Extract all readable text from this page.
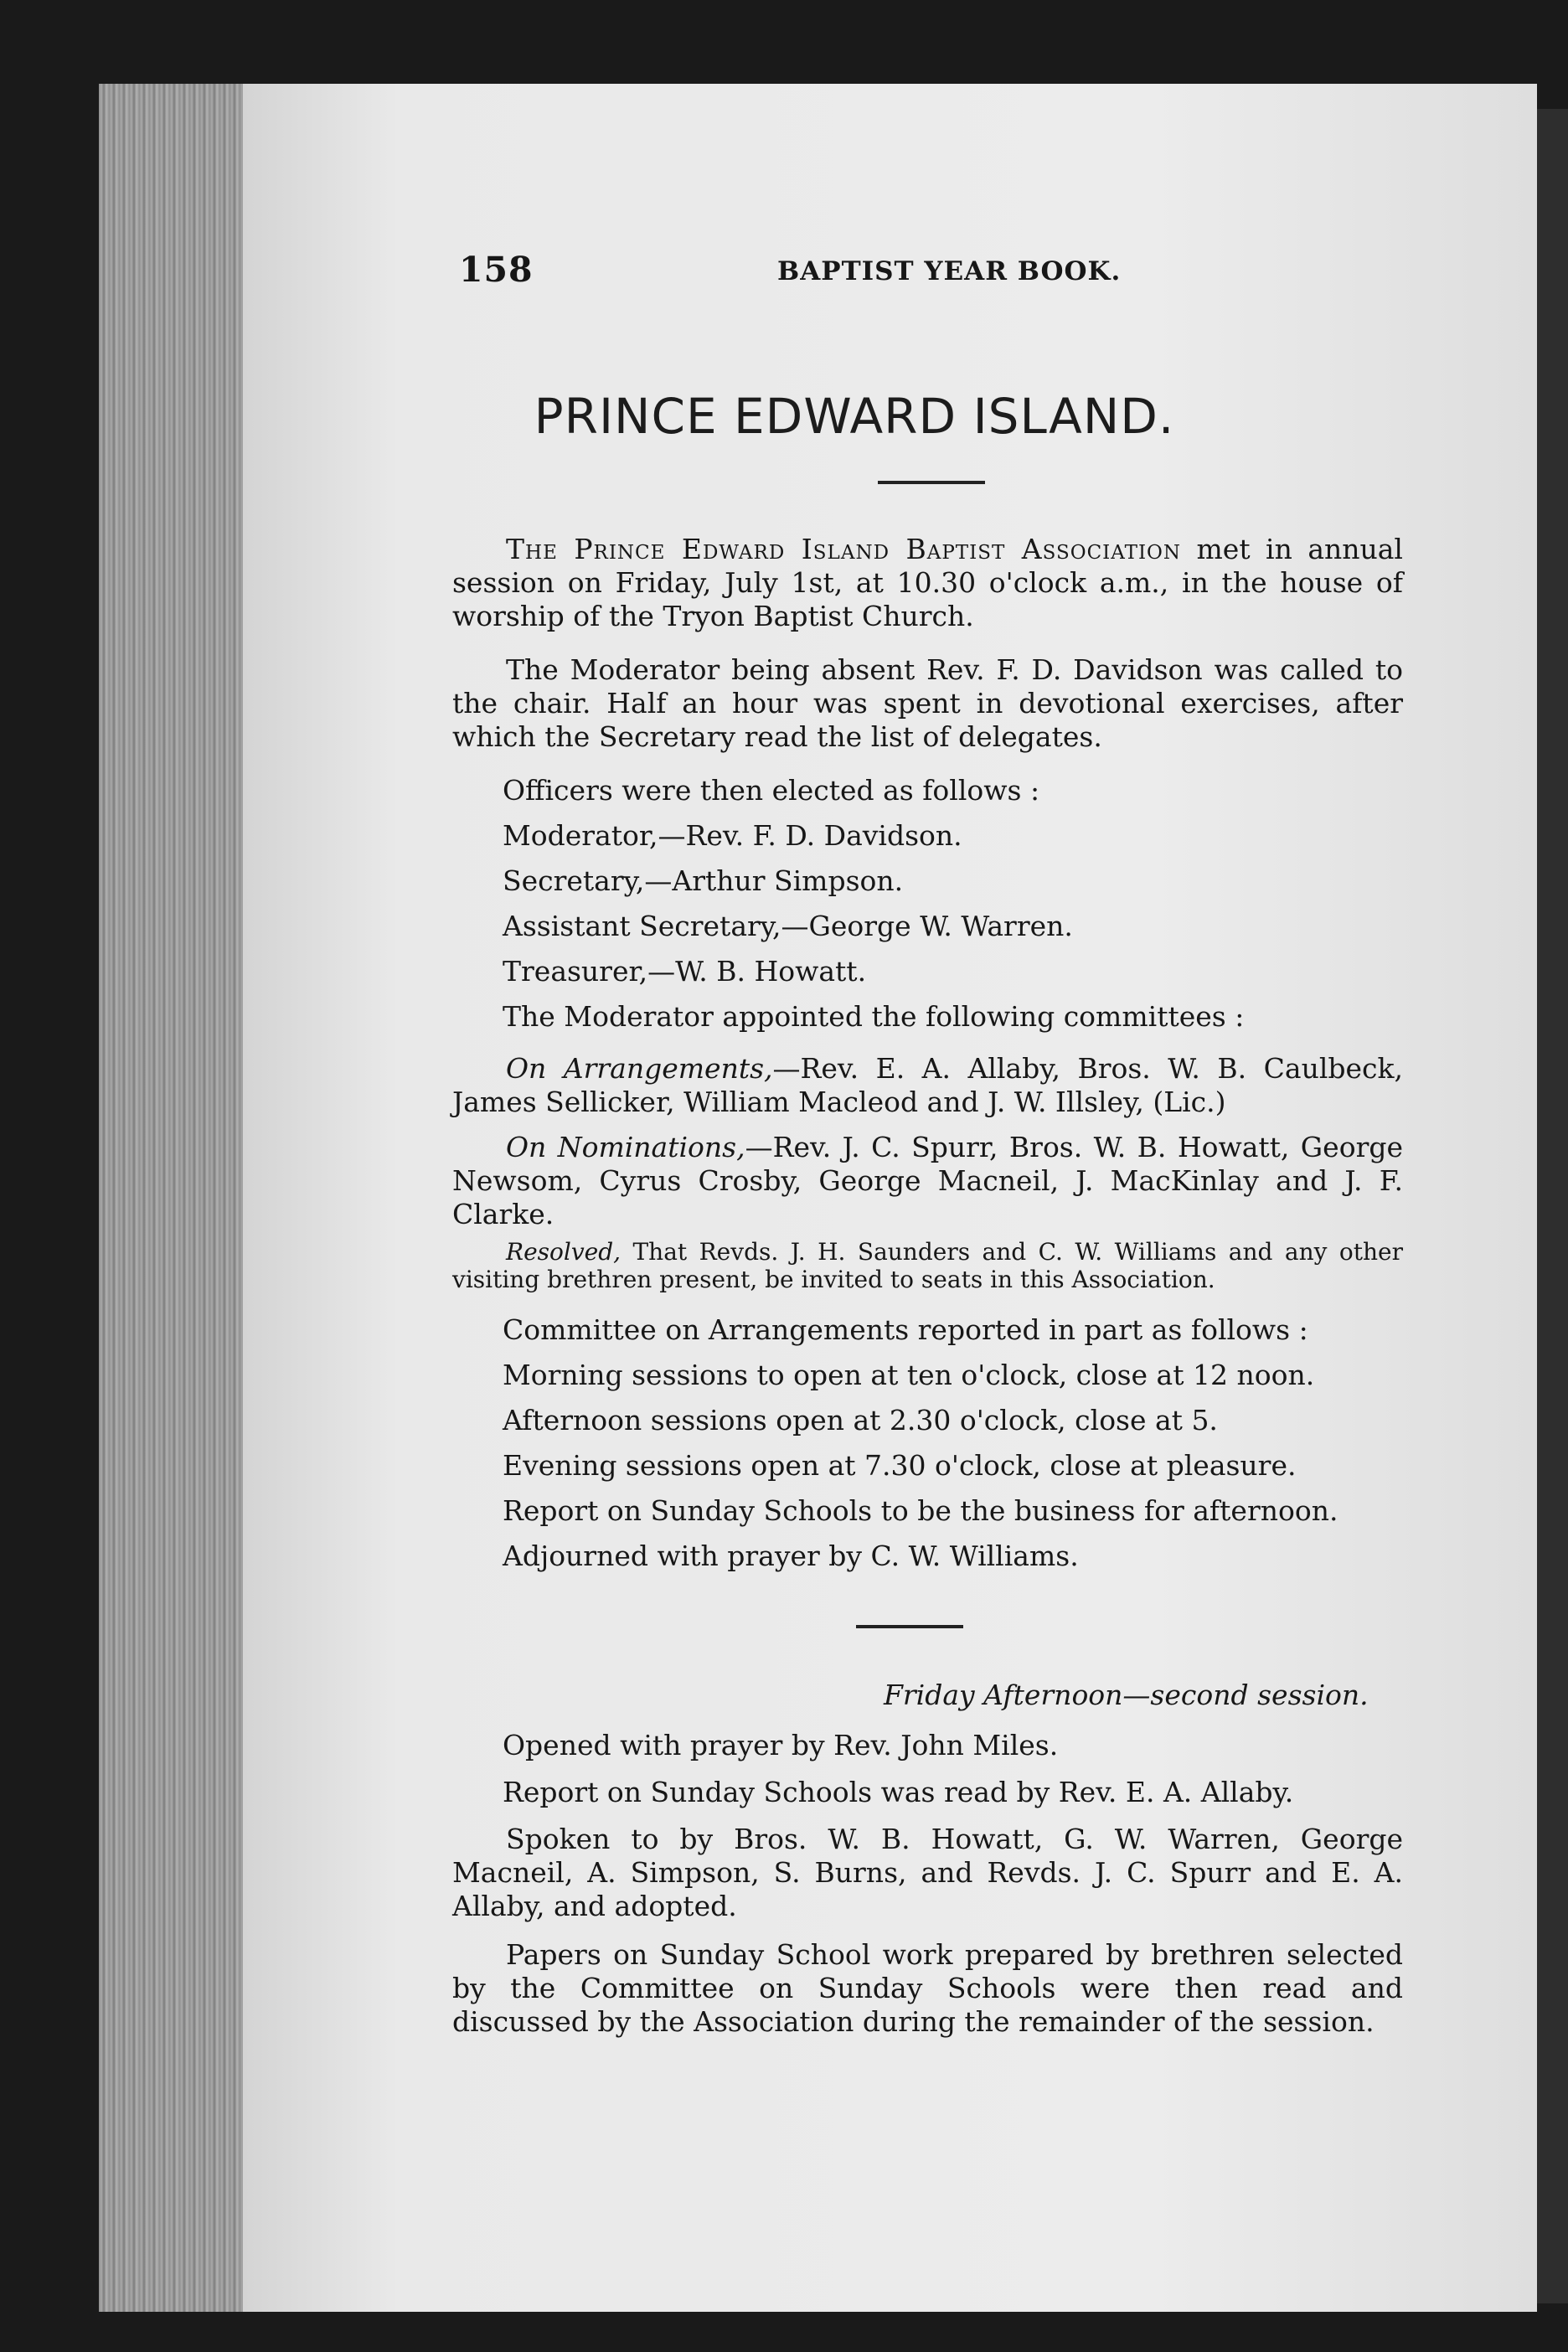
158	BAPTIST YEAR BOOK.
PRINCE EDWARD ISLAND.
The Prince Edward Island Baptist Association met in annual session on Friday, July 1st, at 10.30 o'clock a.m., in the house of worship of the Tryon Baptist Church.
The Moderator being absent Rev. F. D. Davidson was called to the chair. Half an hour was spent in devotional exercises, after which the Secretary read the list of delegates.
Officers were then elected as follows :
Moderator,—Rev. F. D. Davidson.
Secretary,—Arthur Simpson.
Assistant Secretary,—George W. Warren.
Treasurer,—W. B. Howatt.
The Moderator appointed the following committees :
On Arrangements,—Rev. E. A. Allaby, Bros. W. B. Caulbeck, James Sellicker, William Macleod and J. W. Illsley, (Lic.)
On Nominations,—Rev. J. C. Spurr, Bros. W. B. Howatt, George Newsom, Cyrus Crosby, George Macneil, J. MacKinlay and J. F. Clarke.
Resolved, That Revds. J. H. Saunders and C. W. Williams and any other visiting brethren present, be invited to seats in this Association.
Committee on Arrangements reported in part as follows :
Morning sessions to open at ten o'clock, close at 12 noon.
Afternoon sessions open at 2.30 o'clock, close at 5.
Evening sessions open at 7.30 o'clock, close at pleasure.
Report on Sunday Schools to be the business for afternoon.
Adjourned with prayer by C. W. Williams.
Friday Afternoon—second session.
Opened with prayer by Rev. John Miles.
Report on Sunday Schools was read by Rev. E. A. Allaby.
Spoken to by Bros. W. B. Howatt, G. W. Warren, George Macneil, A. Simpson, S. Burns, and Revds. J. C. Spurr and E. A. Allaby, and adopted.
Papers on Sunday School work prepared by brethren selected by the Committee on Sunday Schools were then read and discussed by the Association during the remainder of the session.
